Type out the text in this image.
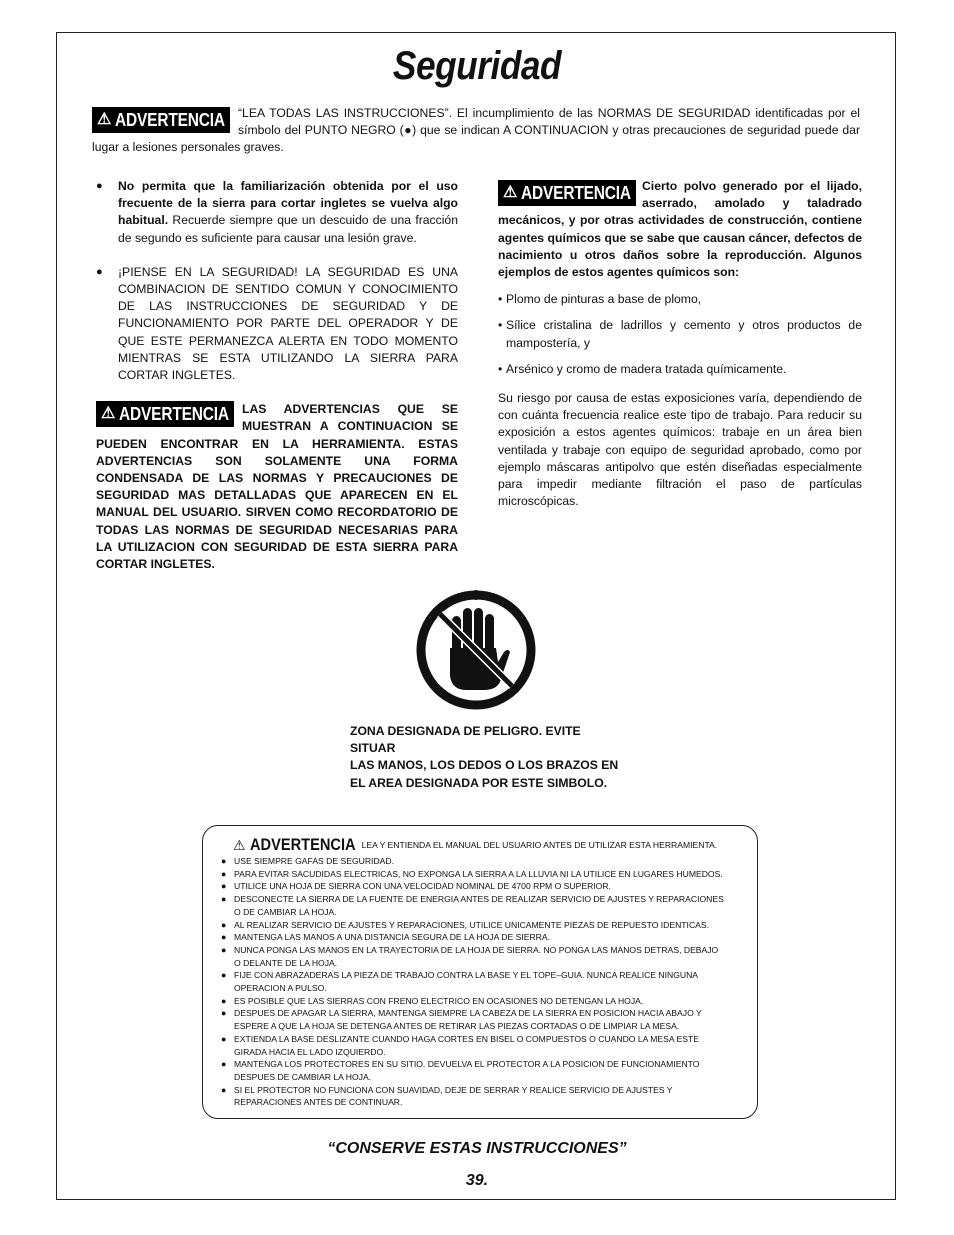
Seguridad
⚠ ADVERTENCIA “LEA TODAS LAS INSTRUCCIONES”. El incumplimiento de las NORMAS DE SEGURIDAD identificadas por el símbolo del PUNTO NEGRO (●) que se indican A CONTINUACION y otras precauciones de seguridad puede dar lugar a lesiones personales graves.
● No permita que la familiarización obtenida por el uso frecuente de la sierra para cortar ingletes se vuelva algo habitual. Recuerde siempre que un descuido de una fracción de segundo es suficiente para causar una lesión grave.
● ¡PIENSE EN LA SEGURIDAD! LA SEGURIDAD ES UNA COMBINACION DE SENTIDO COMUN Y CONOCIMIENTO DE LAS INSTRUCCIONES DE SEGURIDAD Y DE FUNCIONAMIENTO POR PARTE DEL OPERADOR Y DE QUE ESTE PERMANEZCA ALERTA EN TODO MOMENTO MIENTRAS SE ESTA UTILIZANDO LA SIERRA PARA CORTAR INGLETES.
⚠ ADVERTENCIA LAS ADVERTENCIAS QUE SE MUESTRAN A CONTINUACION SE PUEDEN ENCONTRAR EN LA HERRAMIENTA. ESTAS ADVERTENCIAS SON SOLAMENTE UNA FORMA CONDENSADA DE LAS NORMAS Y PRECAUCIONES DE SEGURIDAD MAS DETALLADAS QUE APARECEN EN EL MANUAL DEL USUARIO. SIRVEN COMO RECORDATORIO DE TODAS LAS NORMAS DE SEGURIDAD NECESARIAS PARA LA UTILIZACION CON SEGURIDAD DE ESTA SIERRA PARA CORTAR INGLETES.
⚠ ADVERTENCIA Cierto polvo generado por el lijado, aserrado, amolado y taladrado mecánicos, y por otras actividades de construcción, contiene agentes químicos que se sabe que causan cáncer, defectos de nacimiento u otros daños sobre la reproducción. Algunos ejemplos de estos agentes químicos son:
• Plomo de pinturas a base de plomo,
• Sílice cristalina de ladrillos y cemento y otros productos de mampostería, y
• Arsénico y cromo de madera tratada químicamente.
Su riesgo por causa de estas exposiciones varía, dependiendo de con cuánta frecuencia realice este tipo de trabajo. Para reducir su exposición a estos agentes químicos: trabaje en un área bien ventilada y trabaje con equipo de seguridad aprobado, como por ejemplo máscaras antipolvo que estén diseñadas especialmente para impedir mediante filtración el paso de partículas microscópicas.
ZONA DESIGNADA DE PELIGRO. EVITE SITUAR
LAS MANOS, LOS DEDOS O LOS BRAZOS EN
EL AREA DESIGNADA POR ESTE SIMBOLO.
⚠ ADVERTENCIA LEA Y ENTIENDA EL MANUAL DEL USUARIO ANTES DE UTILIZAR ESTA HERRAMIENTA.
● USE SIEMPRE GAFAS DE SEGURIDAD.
● PARA EVITAR SACUDIDAS ELECTRICAS, NO EXPONGA LA SIERRA A LA LLUVIA NI LA UTILICE EN LUGARES HUMEDOS.
● UTILICE UNA HOJA DE SIERRA CON UNA VELOCIDAD NOMINAL DE 4700 RPM O SUPERIOR.
● DESCONECTE LA SIERRA DE LA FUENTE DE ENERGIA ANTES DE REALIZAR SERVICIO DE AJUSTES Y REPARACIONES
O DE CAMBIAR LA HOJA.
● AL REALIZAR SERVICIO DE AJUSTES Y REPARACIONES, UTILICE UNICAMENTE PIEZAS DE REPUESTO IDENTICAS.
● MANTENGA LAS MANOS A UNA DISTANCIA SEGURA DE LA HOJA DE SIERRA.
● NUNCA PONGA LAS MANOS EN LA TRAYECTORIA DE LA HOJA DE SIERRA. NO PONGA LAS MANOS DETRAS, DEBAJO
O DELANTE DE LA HOJA.
● FIJE CON ABRAZADERAS LA PIEZA DE TRABAJO CONTRA LA BASE Y EL TOPE–GUIA. NUNCA REALICE NINGUNA
OPERACION A PULSO.
● ES POSIBLE QUE LAS SIERRAS CON FRENO ELECTRICO EN OCASIONES NO DETENGAN LA HOJA.
● DESPUES DE APAGAR LA SIERRA, MANTENGA SIEMPRE LA CABEZA DE LA SIERRA EN POSICION HACIA ABAJO Y
ESPERE A QUE LA HOJA SE DETENGA ANTES DE RETIRAR LAS PIEZAS CORTADAS O DE LIMPIAR LA MESA.
● EXTIENDA LA BASE DESLIZANTE CUANDO HAGA CORTES EN BISEL O COMPUESTOS O CUANDO LA MESA ESTE
GIRADA HACIA EL LADO IZQUIERDO.
● MANTENGA LOS PROTECTORES EN SU SITIO. DEVUELVA EL PROTECTOR A LA POSICION DE FUNCIONAMIENTO
DESPUES DE CAMBIAR LA HOJA.
● SI EL PROTECTOR NO FUNCIONA CON SUAVIDAD, DEJE DE SERRAR Y REALICE SERVICIO DE AJUSTES Y
REPARACIONES ANTES DE CONTINUAR.
“CONSERVE ESTAS INSTRUCCIONES”
39.
